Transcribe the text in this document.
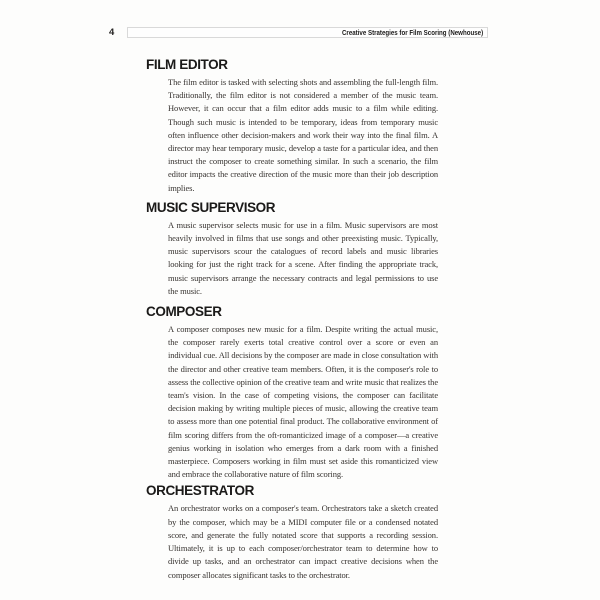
4	Creative Strategies for Film Scoring (Newhouse)
FILM EDITOR

The film editor is tasked with selecting shots and assembling the full-length film. Traditionally, the film editor is not considered a member of the music team. However, it can occur that a film editor adds music to a film while editing. Though such music is intended to be temporary, ideas from temporary music often influence other decision-makers and work their way into the final film. A director may hear temporary music, develop a taste for a particular idea, and then instruct the composer to create something similar. In such a scenario, the film editor impacts the creative direction of the music more than their job description implies.

MUSIC SUPERVISOR

A music supervisor selects music for use in a film. Music supervisors are most heavily involved in films that use songs and other preexisting music. Typically, music supervisors scour the catalogues of record labels and music libraries looking for just the right track for a scene. After finding the appropriate track, music supervisors arrange the necessary contracts and legal permissions to use the music.

COMPOSER

A composer composes new music for a film. Despite writing the actual music, the composer rarely exerts total creative control over a score or even an individual cue. All decisions by the composer are made in close consultation with the director and other creative team members. Often, it is the composer's role to assess the collective opinion of the creative team and write music that realizes the team's vision. In the case of competing visions, the composer can facilitate decision making by writing multiple pieces of music, allowing the creative team to assess more than one potential final product. The collaborative environment of film scoring differs from the oft-romanticized image of a composer—a creative genius working in isolation who emerges from a dark room with a finished masterpiece. Composers working in film must set aside this romanticized view and embrace the collaborative nature of film scoring.

ORCHESTRATOR

An orchestrator works on a composer's team. Orchestrators take a sketch created by the composer, which may be a MIDI computer file or a condensed notated score, and generate the fully notated score that supports a recording session. Ultimately, it is up to each composer/orchestrator team to determine how to divide up tasks, and an orchestrator can impact creative decisions when the composer allocates significant tasks to the orchestrator.
